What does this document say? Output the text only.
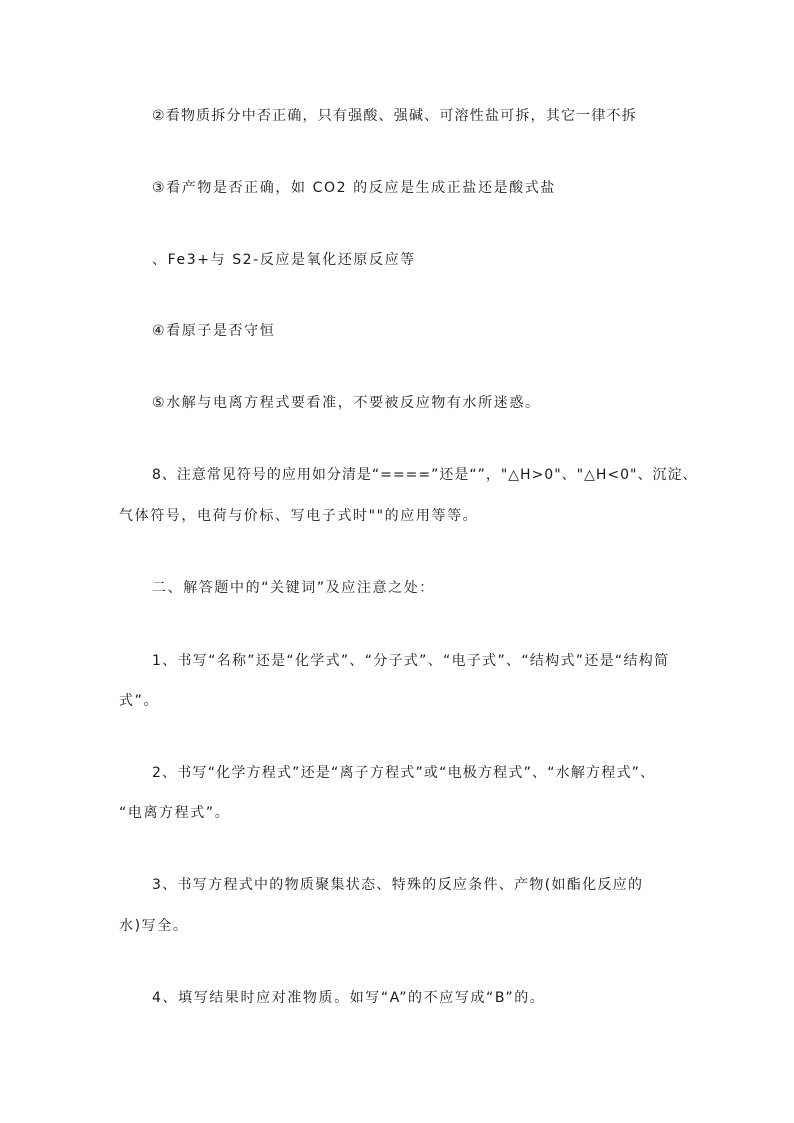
②看物质拆分中否正确，只有强酸、强碱、可溶性盐可拆，其它一律不拆
③看产物是否正确，如 CO2 的反应是生成正盐还是酸式盐
、Fe3+与 S2-反应是氧化还原反应等
④看原子是否守恒
⑤水解与电离方程式要看准，不要被反应物有水所迷惑。
8、注意常见符号的应用如分清是“====”还是“”，"△H>0"、"△H<0"、沉淀、
气体符号，电荷与价标、写电子式时""的应用等等。
二、解答题中的“关键词”及应注意之处：
1、书写“名称”还是“化学式”、“分子式”、“电子式”、“结构式”还是“结构简
式”。
2、书写“化学方程式”还是“离子方程式”或“电极方程式”、“水解方程式”、
“电离方程式”。
3、书写方程式中的物质聚集状态、特殊的反应条件、产物(如酯化反应的
水)写全。
4、填写结果时应对准物质。如写“A”的不应写成“B”的。
